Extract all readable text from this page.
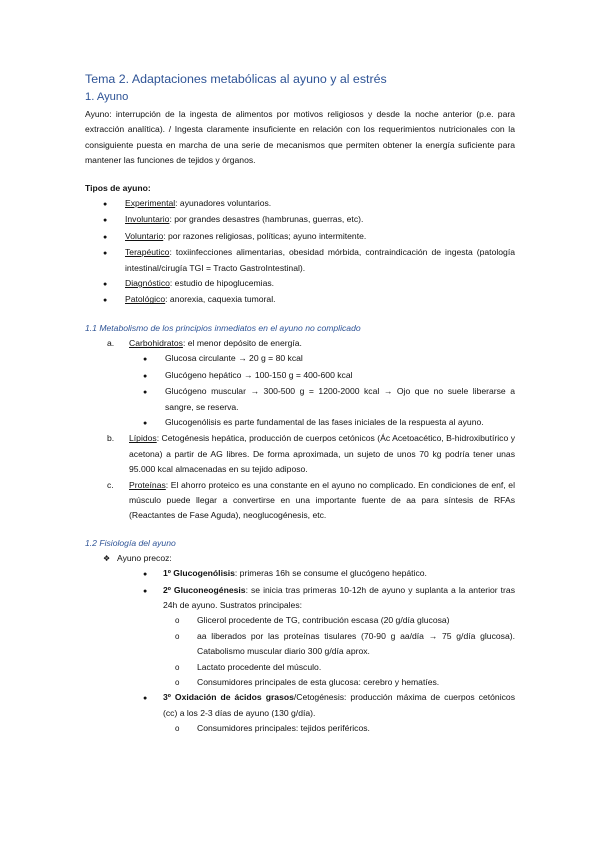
Tema 2. Adaptaciones metabólicas al ayuno y al estrés
1. Ayuno

Ayuno: interrupción de la ingesta de alimentos por motivos religiosos y desde la noche anterior (p.e. para extracción analítica). / Ingesta claramente insuficiente en relación con los requerimientos nutricionales con la consiguiente puesta en marcha de una serie de mecanismos que permiten obtener la energía suficiente para mantener las funciones de tejidos y órganos.

Tipos de ayuno:

●
Experimental: ayunadores voluntarios.
●
Involuntario: por grandes desastres (hambrunas, guerras, etc).
●
Voluntario: por razones religiosas, políticas; ayuno intermitente.
●
Terapéutico: toxiinfecciones alimentarias, obesidad mórbida, contraindicación de ingesta (patología intestinal/cirugía TGI = Tracto GastroIntestinal).
●
Diagnóstico: estudio de hipoglucemias.
●
Patológico: anorexia, caquexia tumoral.
1.1 Metabolismo de los principios inmediatos en el ayuno no complicado
a.	Carbohidratos: el menor depósito de energía.
●
Glucosa circulante → 20 g = 80 kcal
●
Glucógeno hepático → 100-150 g = 400-600 kcal
●
Glucógeno muscular → 300-500 g = 1200-2000 kcal → Ojo que no suele liberarse a sangre, se reserva.
●
Glucogenólisis es parte fundamental de las fases iniciales de la respuesta al ayuno.
b.	Lípidos: Cetogénesis hepática, producción de cuerpos cetónicos (Ác Acetoacético, B-hidroxibutírico y acetona) a partir de AG libres. De forma aproximada, un sujeto de unos 70 kg podría tener unas 95.000 kcal almacenadas en su tejido adiposo.
c.	Proteínas: El ahorro proteico es una constante en el ayuno no complicado. En condiciones de enf, el músculo puede llegar a convertirse en una importante fuente de aa para síntesis de RFAs (Reactantes de Fase Aguda), neoglucogénesis, etc.
1.2 Fisiología del ayuno
❖
Ayuno precoz:
●
1º Glucogenólisis: primeras 16h se consume el glucógeno hepático.
●
2º Gluconeogénesis: se inicia tras primeras 10-12h de ayuno y suplanta a la anterior tras 24h de ayuno. Sustratos principales:
o
Glicerol procedente de TG, contribución escasa (20 g/día glucosa)
o
aa liberados por las proteínas tisulares (70-90 g aa/día → 75 g/día glucosa). Catabolismo muscular diario 300 g/día aprox.
o
Lactato procedente del músculo.
o
Consumidores principales de esta glucosa: cerebro y hematíes.
●
3º Oxidación de ácidos grasos/Cetogénesis: producción máxima de cuerpos cetónicos (cc) a los 2-3 días de ayuno (130 g/día).
o
Consumidores principales: tejidos periféricos.
